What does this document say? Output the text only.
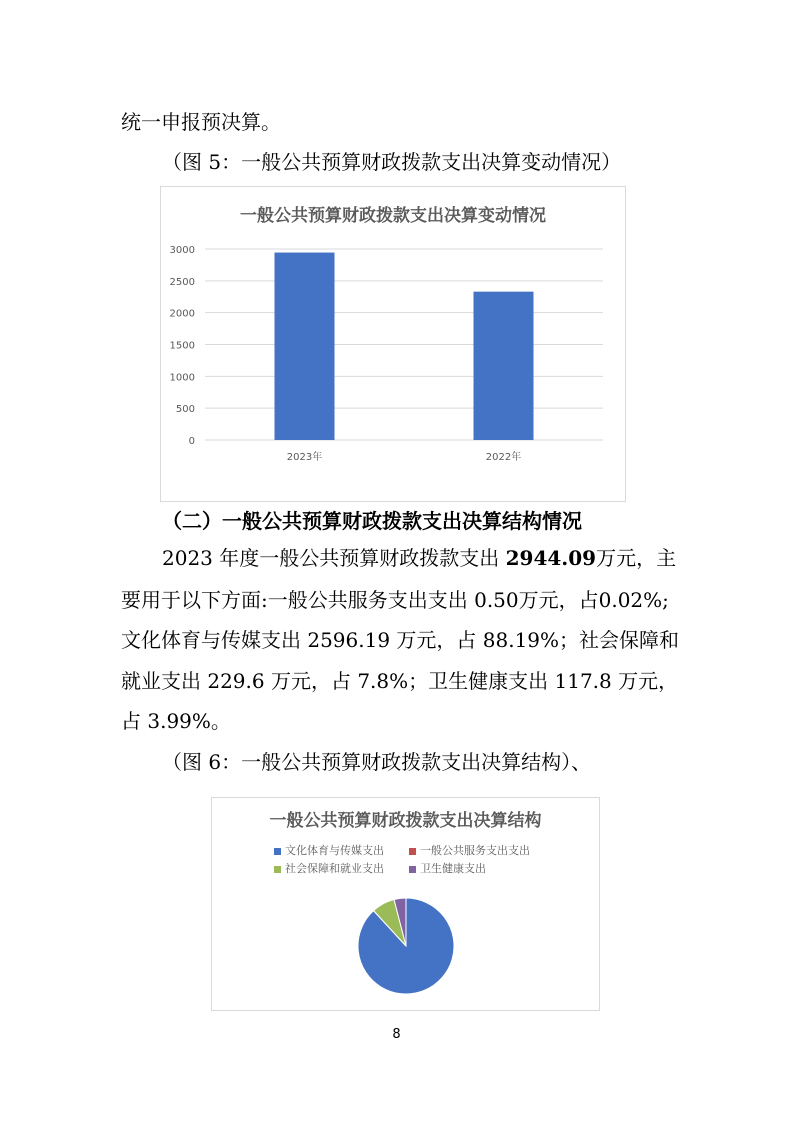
统一申报预决算。
（图 5：一般公共预算财政拨款支出决算变动情况）
一般公共预算财政拨款支出决算变动情况
0
500
1000
1500
2000
2500
3000
2023年	2022年
（二）一般公共预算财政拨款支出决算结构情况
2023 年度一般公共预算财政拨款支出 2944.09万元，主
要用于以下方面:一般公共服务支出支出 0.50万元，占0.02%;
文化体育与传媒支出 2596.19 万元，占 88.19%；社会保障和
就业支出 229.6 万元，占 7.8%；卫生健康支出 117.8 万元，
占 3.99%。
（图 6：一般公共预算财政拨款支出决算结构）、
一般公共预算财政拨款支出决算结构
文化体育与传媒支出	一般公共服务支出支出
社会保障和就业支出	卫生健康支出
8
